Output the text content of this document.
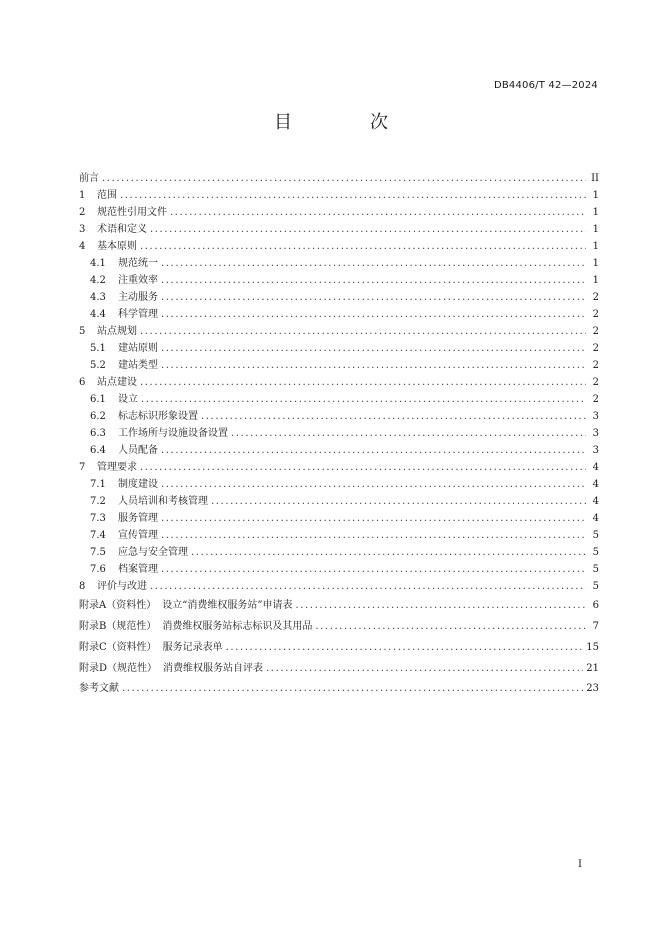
DB4406/T 42—2024
目　次
前言 .....	II
1	范围 .....	1
2	规范性引用文件 .....	1
3	术语和定义 .....	1
4	基本原则 .....	1
4.1	规范统一 .....	1
4.2	注重效率 .....	1
4.3	主动服务 .....	2
4.4	科学管理 .....	2
5	站点规划 .....	2
5.1	建站原则 .....	2
5.2	建站类型 .....	2
6	站点建设 .....	2
6.1	设立 .....	2
6.2	标志标识形象设置 .....	3
6.3	工作场所与设施设备设置 .....	3
6.4	人员配备 .....	3
7	管理要求 .....	4
7.1	制度建设 .....	4
7.2	人员培训和考核管理 .....	4
7.3	服务管理 .....	4
7.4	宣传管理 .....	5
7.5	应急与安全管理 .....	5
7.6	档案管理 .....	5
8	评价与改进 .....	5
附录A（资料性） 设立“消费维权服务站”申请表 .....	6
附录B（规范性） 消费维权服务站标志标识及其用品 .....	7
附录C（资料性） 服务记录表单 .....	15
附录D（规范性） 消费维权服务站自评表 .....	21
参考文献 .....	23
I
